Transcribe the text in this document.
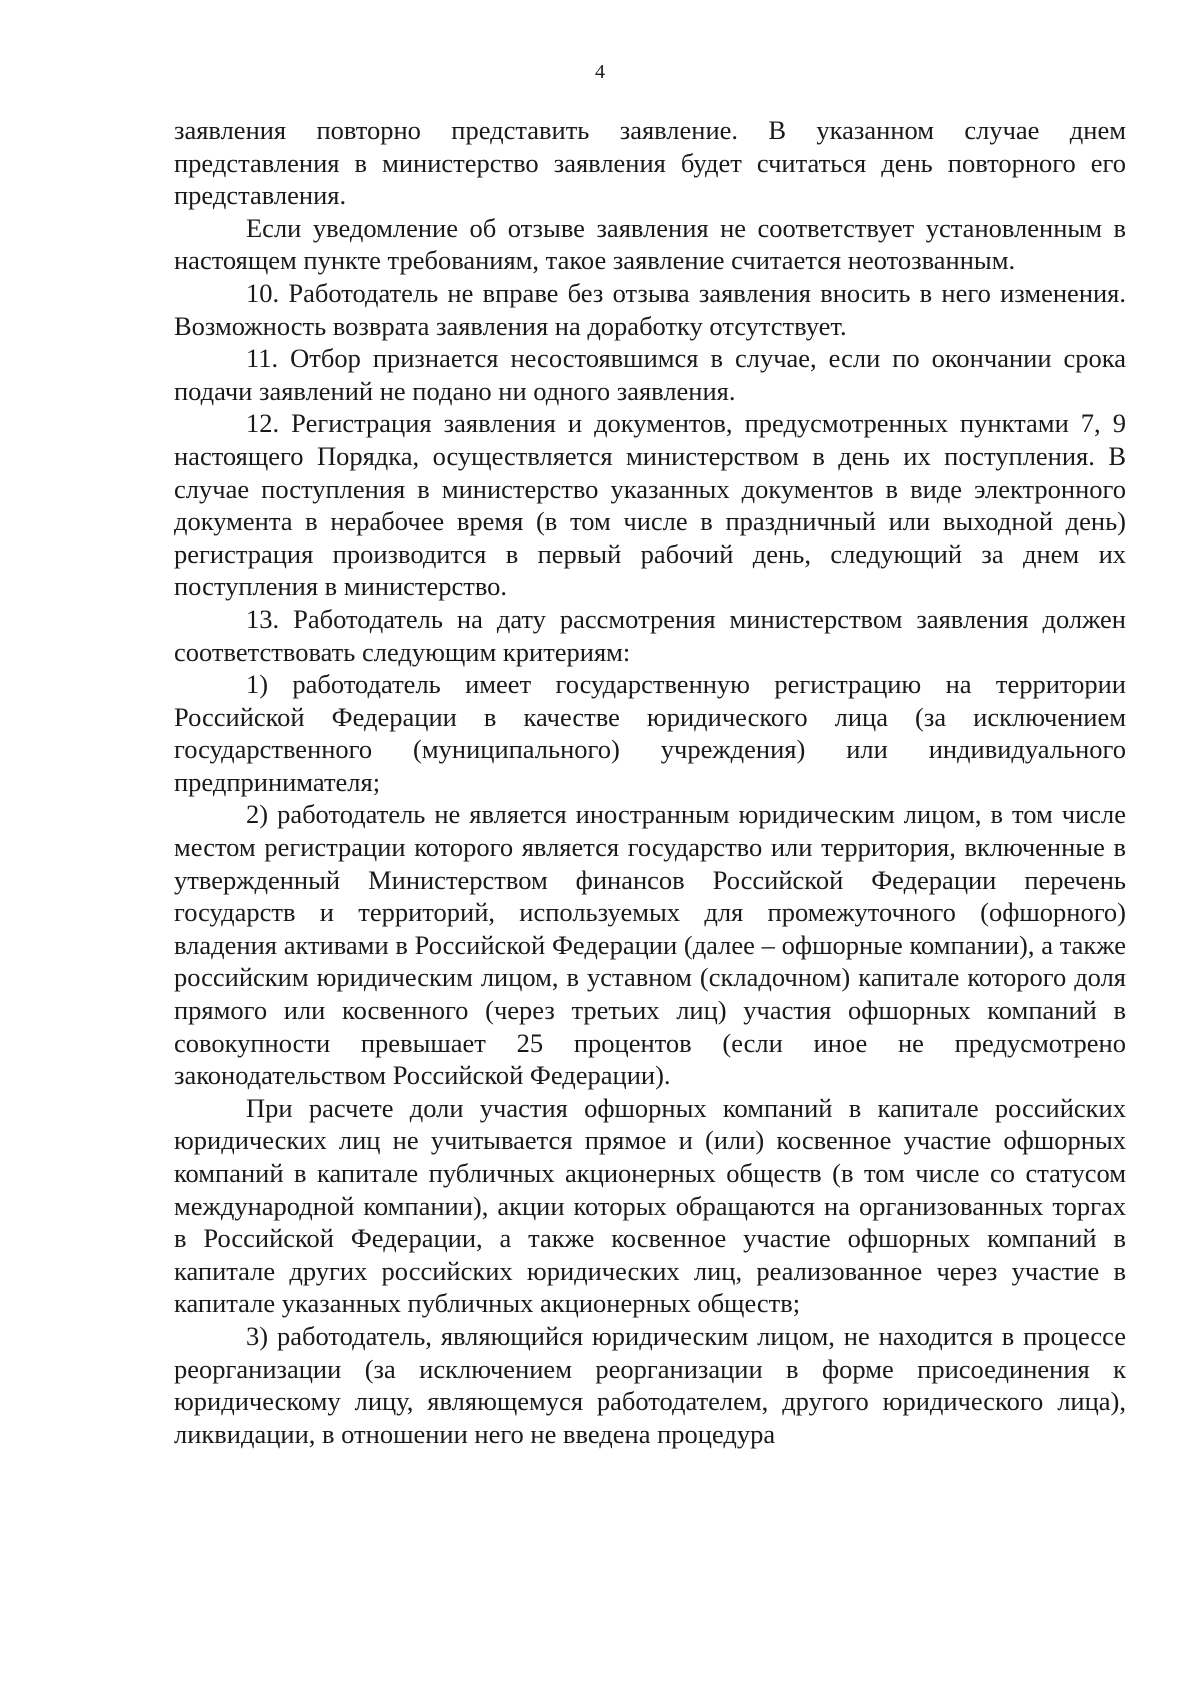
4

заявления повторно представить заявление. В указанном случае днем представления в министерство заявления будет считаться день повторного его представления.

Если уведомление об отзыве заявления не соответствует установленным в настоящем пункте требованиям, такое заявление считается неотозванным.

10. Работодатель не вправе без отзыва заявления вносить в него изменения. Возможность возврата заявления на доработку отсутствует.

11. Отбор признается несостоявшимся в случае, если по окончании срока подачи заявлений не подано ни одного заявления.

12. Регистрация заявления и документов, предусмотренных пунктами 7, 9 настоящего Порядка, осуществляется министерством в день их поступления. В случае поступления в министерство указанных документов в виде электронного документа в нерабочее время (в том числе в праздничный или выходной день) регистрация производится в первый рабочий день, следующий за днем их поступления в министерство.

13. Работодатель на дату рассмотрения министерством заявления должен соответствовать следующим критериям:

1) работодатель имеет государственную регистрацию на территории Российской Федерации в качестве юридического лица (за исключением государственного (муниципального) учреждения) или индивидуального предпринимателя;

2) работодатель не является иностранным юридическим лицом, в том числе местом регистрации которого является государство или территория, включенные в утвержденный Министерством финансов Российской Федерации перечень государств и территорий, используемых для промежуточного (офшорного) владения активами в Российской Федерации (далее – офшорные компании), а также российским юридическим лицом, в уставном (складочном) капитале которого доля прямого или косвенного (через третьих лиц) участия офшорных компаний в совокупности превышает 25 процентов (если иное не предусмотрено законодательством Российской Федерации).

При расчете доли участия офшорных компаний в капитале российских юридических лиц не учитывается прямое и (или) косвенное участие офшорных компаний в капитале публичных акционерных обществ (в том числе со статусом международной компании), акции которых обращаются на организованных торгах в Российской Федерации, а также косвенное участие офшорных компаний в капитале других российских юридических лиц, реализованное через участие в капитале указанных публичных акционерных обществ;

3) работодатель, являющийся юридическим лицом, не находится в процессе реорганизации (за исключением реорганизации в форме присоединения к юридическому лицу, являющемуся работодателем, другого юридического лица), ликвидации, в отношении него не введена процедура
